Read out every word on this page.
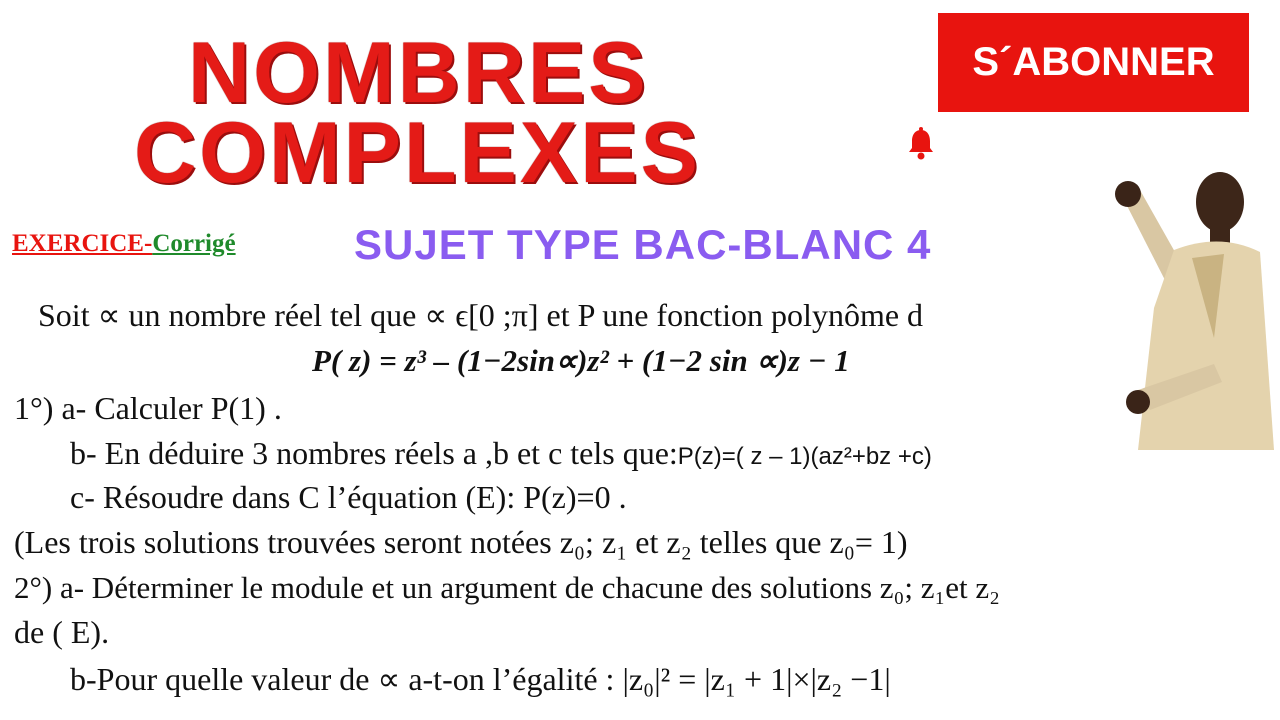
NOMBRES
COMPLEXES
S´ABONNER
EXERCICE-Corrigé	SUJET TYPE BAC-BLANC 4
Soit ∝ un nombre réel tel que ∝ ϵ[0 ;π] et P une fonction polynôme d
P( z) = z³ – (1−2sin∝)z² + (1−2 sin ∝)z − 1
1°) a- Calculer P(1) .
b- En déduire 3 nombres réels a ,b et c tels que:P(z)=( z – 1)(az²+bz +c)
c- Résoudre dans C l’équation (E): P(z)=0 .
(Les trois solutions trouvées seront notées z₀; z₁ et z₂ telles que z₀= 1)
2°) a- Déterminer le module et un argument de chacune des solutions z₀; z₁et z₂
de ( E).
b-Pour quelle valeur de ∝ a-t-on l’égalité : |z₀|² = |z₁ + 1|×|z₂ −1|
